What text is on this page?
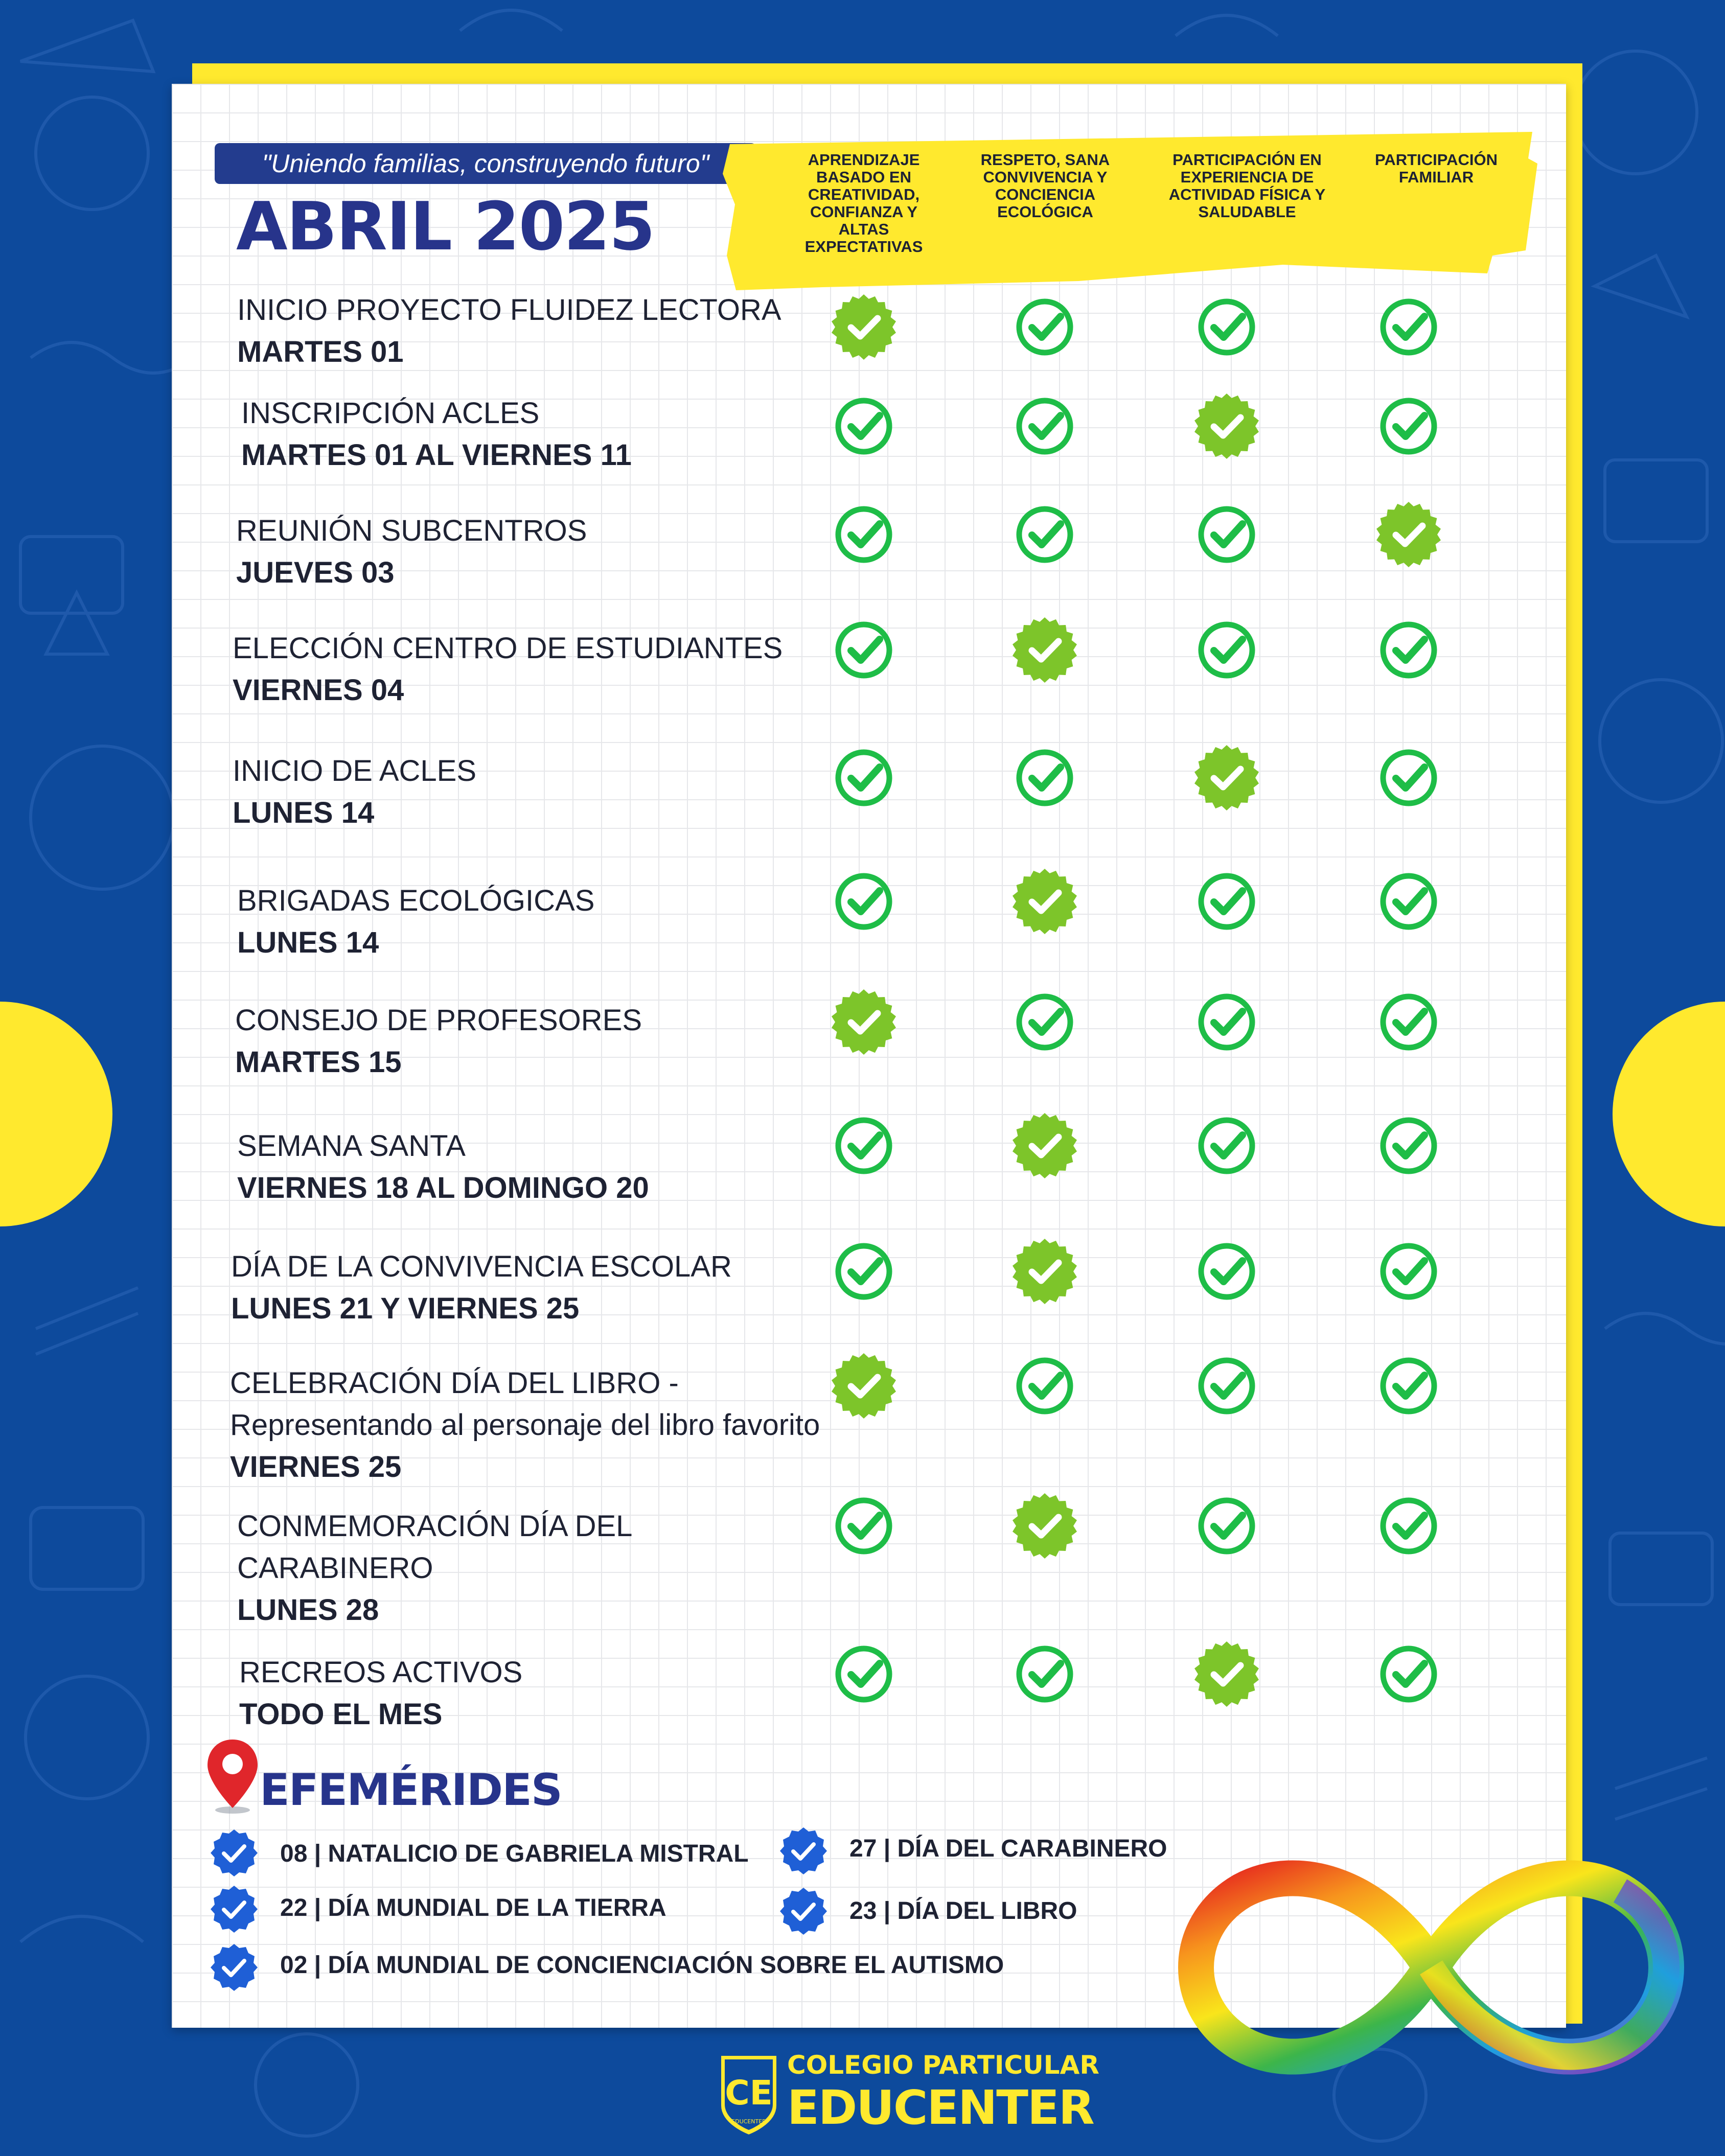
"Uniendo familias, construyendo futuro"
ABRIL 2025
APRENDIZAJE BASADO EN CREATIVIDAD, CONFIANZA Y ALTAS EXPECTATIVAS
RESPETO, SANA CONVIVENCIA Y CONCIENCIA ECOLÓGICA
PARTICIPACIÓN EN EXPERIENCIA DE ACTIVIDAD FÍSICA Y SALUDABLE
PARTICIPACIÓN FAMILIAR
INICIO PROYECTO FLUIDEZ LECTORA
MARTES 01
INSCRIPCIÓN ACLES
MARTES 01 AL VIERNES 11
REUNIÓN SUBCENTROS
JUEVES 03
ELECCIÓN CENTRO DE ESTUDIANTES
VIERNES 04
INICIO DE ACLES
LUNES 14
BRIGADAS ECOLÓGICAS
LUNES 14
CONSEJO DE PROFESORES
MARTES 15
SEMANA SANTA
VIERNES 18 AL DOMINGO 20
DÍA DE LA CONVIVENCIA ESCOLAR
LUNES 21 Y VIERNES 25
CELEBRACIÓN DÍA DEL LIBRO -
Representando al personaje del libro favorito
VIERNES 25
CONMEMORACIÓN DÍA DEL
CARABINERO
LUNES 28
RECREOS ACTIVOS
TODO EL MES
EFEMÉRIDES
08 | NATALICIO DE GABRIELA MISTRAL	27 | DÍA DEL CARABINERO
22 | DÍA MUNDIAL DE LA TIERRA	23 | DÍA DEL LIBRO
02 | DÍA MUNDIAL DE CONCIENCIACIÓN SOBRE EL AUTISMO
CE
EDUCENTER
COLEGIO PARTICULAR
EDUCENTER
